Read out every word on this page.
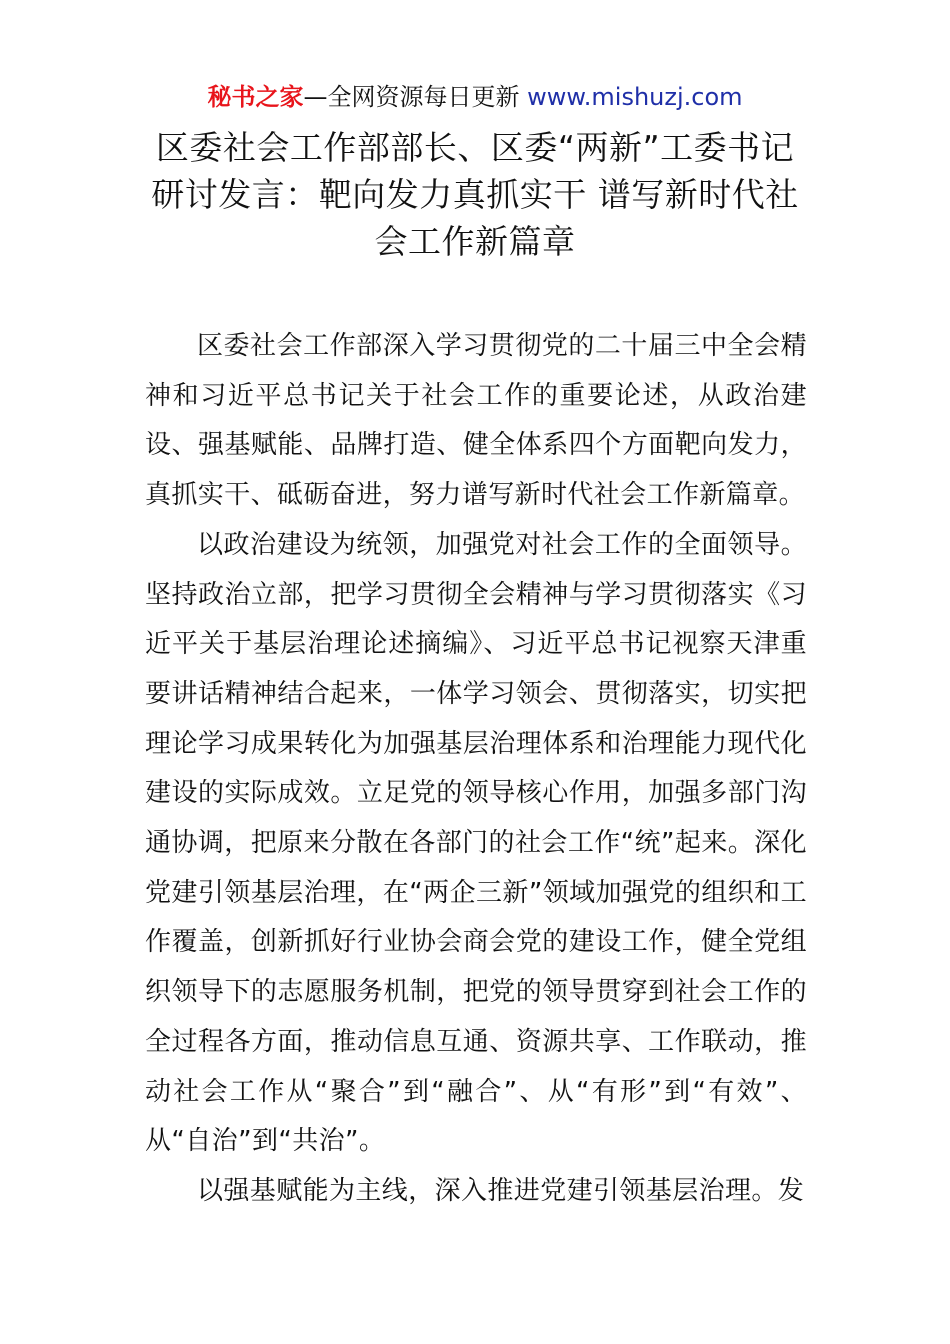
秘书之家—全网资源每日更新 www.mishuzj.com
区委社会工作部部长、区委“两新”工委书记研讨发言：靶向发力真抓实干 谱写新时代社会工作新篇章

区委社会工作部深入学习贯彻党的二十届三中全会精神和习近平总书记关于社会工作的重要论述，从政治建设、强基赋能、品牌打造、健全体系四个方面靶向发力，真抓实干、砥砺奋进，努力谱写新时代社会工作新篇章。

以政治建设为统领，加强党对社会工作的全面领导。坚持政治立部，把学习贯彻全会精神与学习贯彻落实《习近平关于基层治理论述摘编》、习近平总书记视察天津重要讲话精神结合起来，一体学习领会、贯彻落实，切实把理论学习成果转化为加强基层治理体系和治理能力现代化建设的实际成效。立足党的领导核心作用，加强多部门沟通协调，把原来分散在各部门的社会工作“统”起来。深化党建引领基层治理，在“两企三新”领域加强党的组织和工作覆盖，创新抓好行业协会商会党的建设工作，健全党组织领导下的志愿服务机制，把党的领导贯穿到社会工作的全过程各方面，推动信息互通、资源共享、工作联动，推动社会工作从“聚合”到“融合”、从“有形”到“有效”、从“自治”到“共治”。

以强基赋能为主线，深入推进党建引领基层治理。发
